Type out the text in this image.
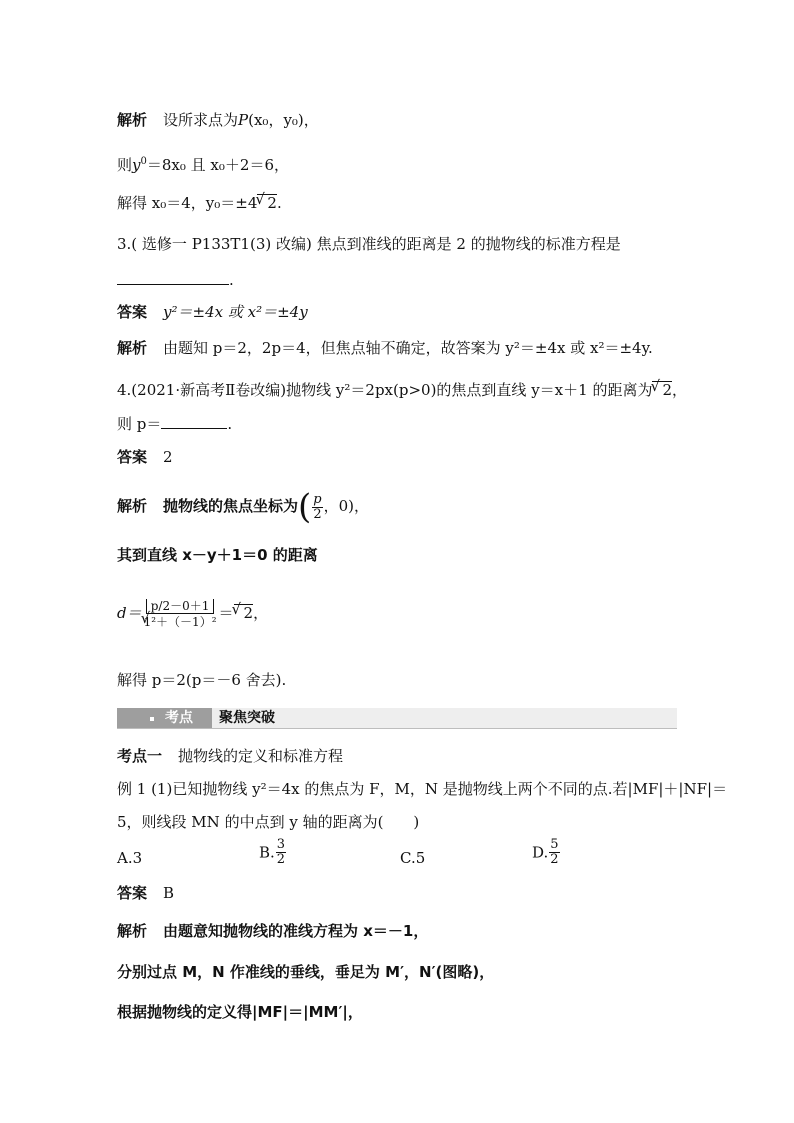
解析 设所求点为P(x₀，y₀)，
则$y^0=8x_0$ 且 x₀＋2＝6，
解得 x₀＝4，y₀＝±4 √ 2.
3.( 选修一 P133T1(3) 改编) 焦点到准线的距离是 2 的抛物线的标准方程是
.
答案 y²＝±4x 或 x²＝±4y
解析 由题知 p＝2，2p＝4，但焦点轴不确定，故答案为 y²＝±4x 或 x²＝±4y.
4.(2021·新高考Ⅱ卷改编)抛物线 y²＝2px(p>0)的焦点到直线 y＝x＋1 的距离为 √ 2，
则 p＝	.
答案 2
解析 抛物线的焦点坐标为( $\frac{p}{2}$ ，0)，
其到直线 x－y＋1＝0 的距离
d＝ p/2－0＋1
√ 1²＋（－1）² ＝ √ 2，
解得 p＝2(p＝－6 舍去).
考点 聚焦突破
考点一 抛物线的定义和标准方程
例 1 (1)已知抛物线 y²＝4x 的焦点为 F，M，N 是抛物线上两个不同的点.若|MF|＋|NF|＝
5，则线段 MN 的中点到 y 轴的距离为(　　)
A.3	B. $\frac{3}{2}$	C.5	D. $\frac{5}{2}$
答案 B
解析 由题意知抛物线的准线方程为 x＝－1，
分别过点 M，N 作准线的垂线，垂足为 M′，N′(图略)，
根据抛物线的定义得|MF|＝|MM′|，
